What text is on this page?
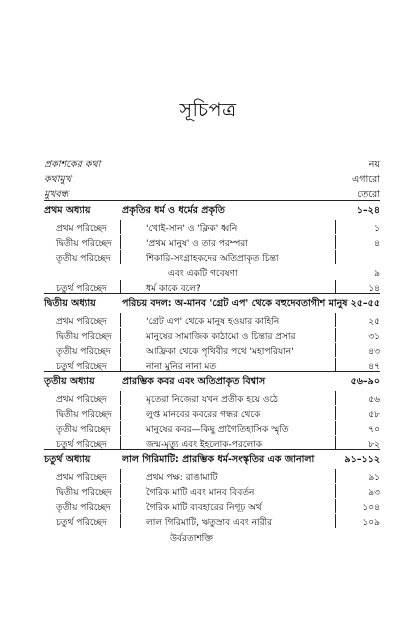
সূচিপত্র
প্রকাশকের কথা	নয়
কথামুখ	এগারো
মুখবন্ধ	তেরো
প্রথম অধ্যায়	প্রকৃতির ধর্ম ও ধর্মের প্রকৃতি	১–২৪
প্রথম পরিচ্ছেদ	'খোই-সান' ও 'ক্লিক' ধ্বনি	১
দ্বিতীয় পরিচ্ছেদ	'প্রথম মানুষ' ও তার পরম্পরা	৪
তৃতীয় পরিচ্ছেদ	শিকারি-সংগ্রাহকদের অতিপ্রাকৃত চিন্তা
এবং একটি গবেষণা	৯
চতুর্থ পরিচ্ছেদ	ধর্ম কাকে বলে?	১৪
দ্বিতীয় অধ্যায়	পরিচয় বদল: অ-মানব 'গ্রেট এপ' থেকে বহুদেবতাগীশ মানুষ ২৫–৫৫
প্রথম পরিচ্ছেদ	'গ্রেট এপ' থেকে মানুষ হওয়ার কাহিনি	২৫
দ্বিতীয় পরিচ্ছেদ	মানুষের সামাজিক কাঠামো ও চিন্তার প্রসার	৩১
তৃতীয় পরিচ্ছেদ	আফ্রিকা থেকে পৃথিবীর পথে 'মহাপরিযান'	৪৩
চতুর্থ পরিচ্ছেদ	নানা মুনির নানা মত	৪৭
তৃতীয় অধ্যায়	প্রারম্ভিক কবর এবং অতিপ্রাকৃত বিশ্বাস	৫৬–৯০
প্রথম পরিচ্ছেদ	মৃতেরা নিজেরা যখন প্রতীক হয়ে ওঠে	৫৬
দ্বিতীয় পরিচ্ছেদ	লুপ্ত মানবের কবরের গন্ধর থেকে	৫৮
তৃতীয় পরিচ্ছেদ	মানুষের কবর—কিছু প্রাগৈতিহাসিক স্মৃতি	৭০
চতুর্থ পরিচ্ছেদ	জন্ম-মৃত্যু এবং ইহলোক-পরলোক	৮২
চতুর্থ অধ্যায়	লাল গিরিমাটি: প্রারম্ভিক ধর্ম-সংস্কৃতির এক জানালা	৯১–১১২
প্রথম পরিচ্ছেদ	প্রথম পক্ষ: রাঙামাটি	৯১
দ্বিতীয় পরিচ্ছেদ	গৈরিক মাটি এবং মানব বিবর্তন	৯৩
তৃতীয় পরিচ্ছেদ	গৈরিক মাটি ব্যবহারের নিগূঢ় অর্থ	১০৪
চতুর্থ পরিচ্ছেদ	লাল গিরিমাটি, ঋতুস্রাব এবং নারীর	১০৯
উর্বরতাশক্তি
